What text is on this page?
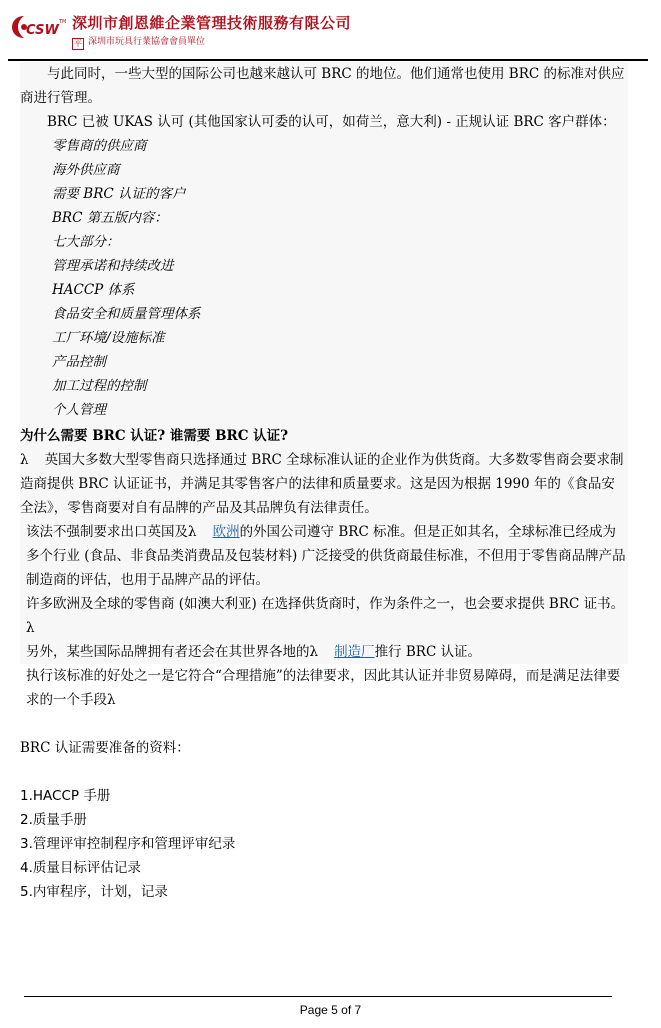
CSW
TM 深圳市創恩維企業管理技術服務有限公司
平 深圳市玩具行業協會會員單位

与此同时，一些大型的国际公司也越来越认可 BRC 的地位。他们通常也使用 BRC 的标准对供应商进行管理。

BRC 已被 UKAS 认可 (其他国家认可委的认可，如荷兰，意大利) - 正规认证 BRC 客户群体：

零售商的供应商

海外供应商

需要 BRC 认证的客户

BRC 第五版内容：

七大部分：

管理承诺和持续改进

HACCP 体系

食品安全和质量管理体系

工厂环境/设施标准

产品控制

加工过程的控制

个人管理

为什么需要 BRC 认证? 谁需要 BRC 认证?

λ 英国大多数大型零售商只选择通过 BRC 全球标准认证的企业作为供货商。大多数零售商会要求制造商提供 BRC 认证证书，并满足其零售客户的法律和质量要求。这是因为根据 1990 年的《食品安全法》，零售商要对自有品牌的产品及其品牌负有法律责任。

该法不强制要求出口英国及λ 欧洲的外国公司遵守 BRC 标准。但是正如其名，全球标准已经成为多个行业 (食品、非食品类消费品及包装材料) 广泛接受的供货商最佳标准，不但用于零售商品牌产品制造商的评估，也用于品牌产品的评估。

许多欧洲及全球的零售商 (如澳大利亚) 在选择供货商时，作为条件之一，也会要求提供 BRC 证书。λ

另外，某些国际品牌拥有者还会在其世界各地的λ 制造厂推行 BRC 认证。

执行该标准的好处之一是它符合“合理措施”的法律要求，因此其认证并非贸易障碍，而是满足法律要求的一个手段λ

BRC 认证需要准备的资料：

1.HACCP 手册

2.质量手册

3.管理评审控制程序和管理评审纪录

4.质量目标评估记录

5.内审程序，计划，记录

Page 5 of 7
